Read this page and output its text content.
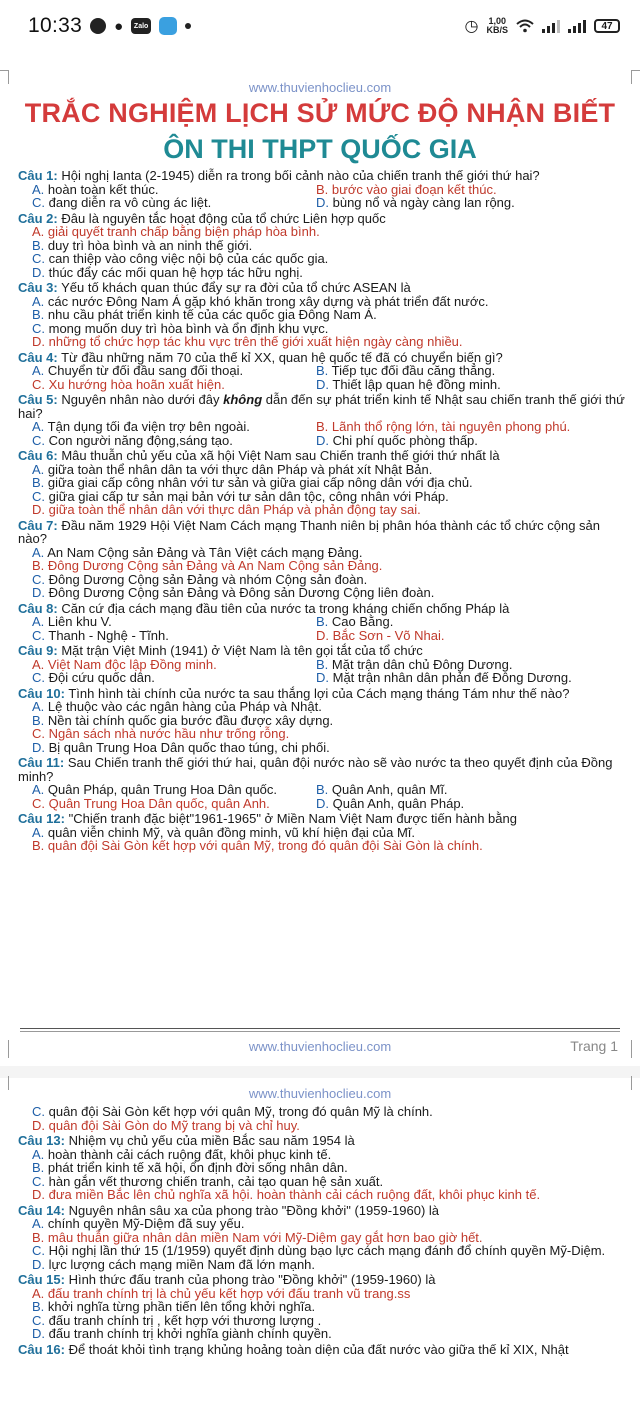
10:33 ●	Zalo	◷ 1,00
KB/S	47
www.thuvienhoclieu.com
TRẮC NGHIỆM LỊCH SỬ MỨC ĐỘ NHẬN BIẾT
ÔN THI THPT QUỐC GIA
Câu 1: Hội nghị Ianta (2-1945) diễn ra trong bối cảnh nào của chiến tranh thế giới thứ hai?
A. hoàn toàn kết thúc.	B. bước vào giai đoạn kết thúc.
C. đang diễn ra vô cùng ác liệt.	D. bùng nổ và ngày càng lan rộng.
Câu 2: Đâu là nguyên tắc hoạt động của tổ chức Liên hợp quốc
A. giải quyết tranh chấp bằng biện pháp hòa bình.
B. duy trì hòa bình và an ninh thế giới.
C. can thiệp vào công việc nội bộ của các quốc gia.
D. thúc đẩy các mối quan hệ hợp tác hữu nghị.
Câu 3: Yếu tố khách quan thúc đẩy sự ra đời của tổ chức ASEAN là
A. các nước Đông Nam Á gặp khó khăn trong xây dựng và phát triển đất nước.
B. nhu cầu phát triển kinh tế của các quốc gia Đông Nam Á.
C. mong muốn duy trì hòa bình và ổn định khu vực.
D. những tổ chức hợp tác khu vực trên thế giới xuất hiện ngày càng nhiều.
Câu 4: Từ đầu những năm 70 của thế kỉ XX, quan hệ quốc tế đã có chuyển biến gì?
A. Chuyển từ đối đầu sang đối thoại.	B. Tiếp tục đối đầu căng thẳng.
C. Xu hướng hòa hoãn xuất hiện.	D. Thiết lập quan hệ đồng minh.
Câu 5: Nguyên nhân nào dưới đây không dẫn đến sự phát triển kinh tế Nhật sau chiến tranh thế giới thứ hai?
A. Tận dụng tối đa viện trợ bên ngoài.	B. Lãnh thổ rộng lớn, tài nguyên phong phú.
C. Con người năng động,sáng tạo.	D. Chi phí quốc phòng thấp.
Câu 6: Mâu thuẫn chủ yếu của xã hội Việt Nam sau Chiến tranh thế giới thứ nhất là
A. giữa toàn thể nhân dân ta với thực dân Pháp và phát xít Nhật Bản.
B. giữa giai cấp công nhân với tư sản và giữa giai cấp nông dân với địa chủ.
C. giữa giai cấp tư sản mại bản với tư sản dân tộc, công nhân với Pháp.
D. giữa toàn thể nhân dân với thực dân Pháp và phản động tay sai.
Câu 7: Đầu năm 1929 Hội Việt Nam Cách mạng Thanh niên bị phân hóa thành các tổ chức cộng sản nào?
A. An Nam Cộng sản Đảng và Tân Việt cách mạng Đảng.
B. Đông Dương Cộng sản Đảng và An Nam Cộng sản Đảng.
C. Đông Dương Cộng sản Đảng và nhóm Cộng sản đoàn.
D. Đông Dương Cộng sản Đảng và Đông sản Dương Cộng liên đoàn.
Câu 8: Căn cứ địa cách mạng đầu tiên của nước ta trong kháng chiến chống Pháp là
A. Liên khu V.	B. Cao Bằng.
C. Thanh - Nghệ - Tĩnh.	D. Bắc Sơn - Võ Nhai.
Câu 9: Mặt trận Việt Minh (1941) ở Việt Nam là tên gọi tắt của tổ chức
A. Việt Nam độc lập Đồng minh.	B. Mặt trận dân chủ Đông Dương.
C. Đội cứu quốc dân.	D. Mặt trận nhân dân phản đế Đông Dương.
Câu 10: Tình hình tài chính của nước ta sau thắng lợi của Cách mạng tháng Tám như thế nào?
A. Lệ thuộc vào các ngân hàng của Pháp và Nhật.
B. Nền tài chính quốc gia bước đầu được xây dựng.
C. Ngân sách nhà nước hầu như trống rỗng.
D. Bị quân Trung Hoa Dân quốc thao túng, chi phối.
Câu 11: Sau Chiến tranh thế giới thứ hai, quân đội nước nào sẽ vào nước ta theo quyết định của Đồng minh?
A. Quân Pháp, quân Trung Hoa Dân quốc.	B. Quân Anh, quân Mĩ.
C. Quân Trung Hoa Dân quốc, quân Anh.	D. Quân Anh, quân Pháp.
Câu 12: "Chiến tranh đặc biệt"1961-1965" ở Miền Nam Việt Nam được tiến hành bằng
A. quân viễn chinh Mỹ, và quân đồng minh, vũ khí hiện đại của Mĩ.
B. quân đội Sài Gòn kết hợp với quân Mỹ, trong đó quân đội Sài Gòn là chính.
www.thuvienhoclieu.com	Trang 1
www.thuvienhoclieu.com
C. quân đội Sài Gòn kết hợp với quân Mỹ, trong đó quân Mỹ là chính.
D. quân đội Sài Gòn do Mỹ trang bị và chỉ huy.
Câu 13: Nhiệm vụ chủ yếu của miền Bắc sau năm 1954 là
A. hoàn thành cải cách ruộng đất, khôi phục kinh tế.
B. phát triển kinh tế xã hội, ổn định đời sống nhân dân.
C. hàn gắn vết thương chiến tranh, cải tạo quan hệ sản xuất.
D. đưa miền Bắc lên chủ nghĩa xã hội. hoàn thành cải cách ruộng đất, khôi phục kinh tế.
Câu 14: Nguyên nhân sâu xa của phong trào "Đồng khởi" (1959-1960) là
A. chính quyền Mỹ-Diệm đã suy yếu.
B. mâu thuẫn giữa nhân dân miền Nam với Mỹ-Diệm gay gắt hơn bao giờ hết.
C. Hội nghị lần thứ 15 (1/1959) quyết định dùng bạo lực cách mạng đánh đổ chính quyền Mỹ-Diệm.
D. lực lượng cách mạng miền Nam đã lớn mạnh.
Câu 15: Hình thức đấu tranh của phong trào "Đồng khởi" (1959-1960) là
A. đấu tranh chính trị là chủ yếu kết hợp với đấu tranh vũ trang.ss
B. khởi nghĩa từng phần tiến lên tổng khởi nghĩa.
C. đấu tranh chính trị , kết hợp với thương lượng .
D. đấu tranh chính trị khởi nghĩa giành chính quyền.
Câu 16: Để thoát khỏi tình trạng khủng hoảng toàn diện của đất nước vào giữa thế kỉ XIX, Nhật
